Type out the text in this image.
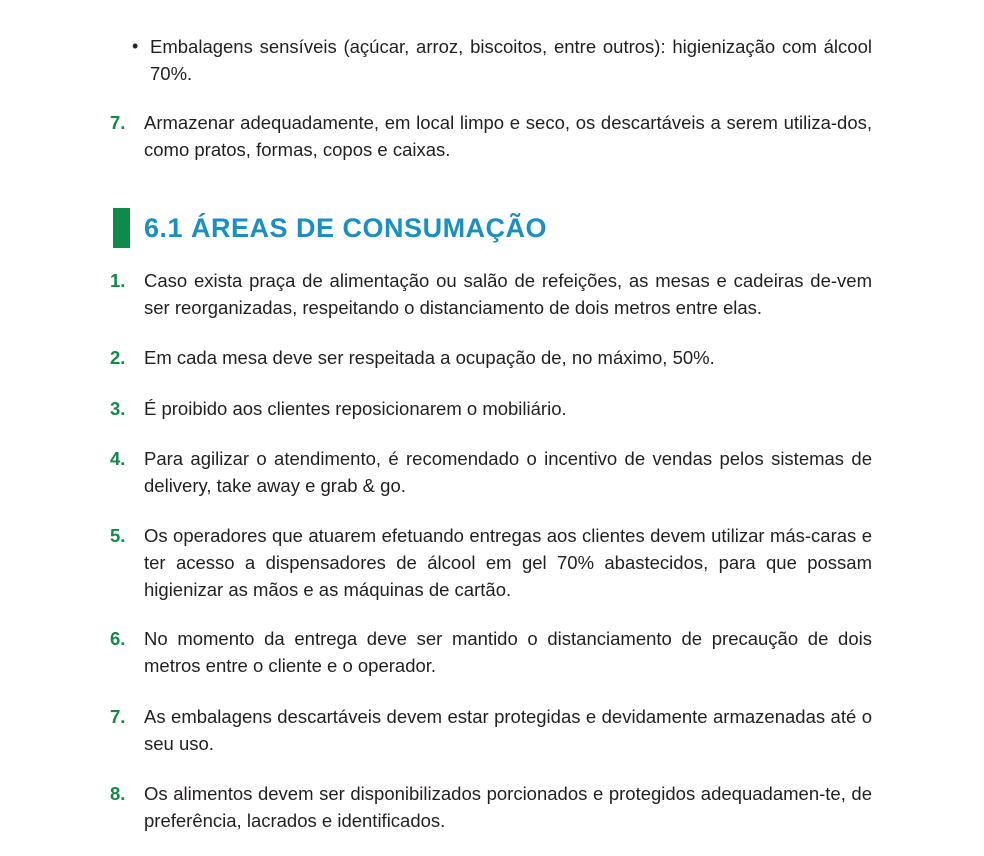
• Embalagens sensíveis (açúcar, arroz, biscoitos, entre outros): higienização com álcool 70%.
7.	Armazenar adequadamente, em local limpo e seco, os descartáveis a serem utiliza-dos, como pratos, formas, copos e caixas.
6.1 ÁREAS DE CONSUMAÇÃO
1.	Caso exista praça de alimentação ou salão de refeições, as mesas e cadeiras de-vem ser reorganizadas, respeitando o distanciamento de dois metros entre elas.
2.	Em cada mesa deve ser respeitada a ocupação de, no máximo, 50%.
3.	É proibido aos clientes reposicionarem o mobiliário.
4.	Para agilizar o atendimento, é recomendado o incentivo de vendas pelos sistemas de delivery, take away e grab & go.
5.	Os operadores que atuarem efetuando entregas aos clientes devem utilizar más-caras e ter acesso a dispensadores de álcool em gel 70% abastecidos, para que possam higienizar as mãos e as máquinas de cartão.
6.	No momento da entrega deve ser mantido o distanciamento de precaução de dois metros entre o cliente e o operador.
7.	As embalagens descartáveis devem estar protegidas e devidamente armazenadas até o seu uso.
8.	Os alimentos devem ser disponibilizados porcionados e protegidos adequadamen-te, de preferência, lacrados e identificados.
